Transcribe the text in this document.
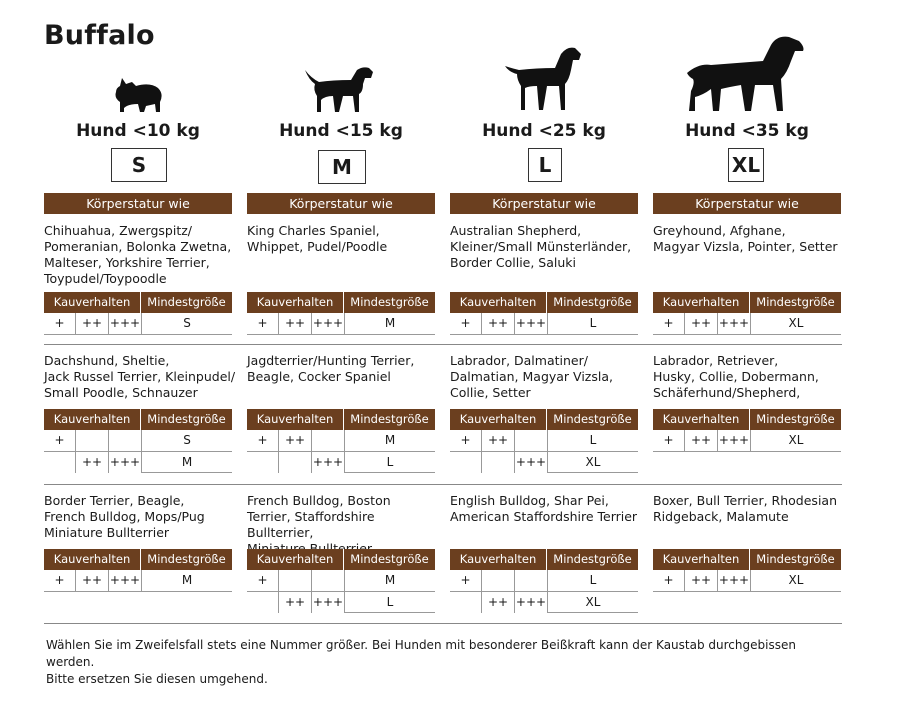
Buffalo
Hund <10 kg
S
Körperstatur wie
Chihuahua, Zwergspitz/
Pomeranian, Bolonka Zwetna,
Malteser, Yorkshire Terrier,
Toypudel/Toypoodle
Kauverhalten	Mindestgröße
+	++ +++	S
Dachshund, Sheltie,
Jack Russel Terrier, Kleinpudel/
Small Poodle, Schnauzer
Kauverhalten	Mindestgröße
+	S
++ +++	M
Border Terrier, Beagle,
French Bulldog, Mops/Pug
Miniature Bullterrier
Kauverhalten	Mindestgröße
+	++ +++	M
Hund <15 kg
M
Körperstatur wie
King Charles Spaniel,
Whippet, Pudel/Poodle
Kauverhalten	Mindestgröße
+	++ +++	M
Jagdterrier/Hunting Terrier,
Beagle, Cocker Spaniel
Kauverhalten	Mindestgröße
+	++	M
+++	L
French Bulldog, Boston
Terrier, Staffordshire Bullterrier,

Kauverhalten	Mindestgröße
+	M
++ +++	L
Hund <25 kg
L
Körperstatur wie
Australian Shepherd,
Kleiner/Small Münsterländer,
Border Collie, Saluki
Kauverhalten	Mindestgröße
+	++ +++	L
Labrador, Dalmatiner/
Dalmatian, Magyar Vizsla,
Collie, Setter
Kauverhalten	Mindestgröße
+	++	L
+++	XL
English Bulldog, Shar Pei,
American Staffordshire Terrier
Kauverhalten	Mindestgröße
+	L
++ +++	XL
Hund <35 kg
XL
Körperstatur wie
Greyhound, Afghane,
Magyar Vizsla, Pointer, Setter
Kauverhalten	Mindestgröße
+	++ +++	XL
Labrador, Retriever,
Husky, Collie, Dobermann,
Schäferhund/Shepherd,
Kauverhalten	Mindestgröße
+	++ +++	XL
Boxer, Bull Terrier, Rhodesian
Ridgeback, Malamute
Kauverhalten	Mindestgröße
+	++ +++	XL
Wählen Sie im Zweifelsfall stets eine Nummer größer. Bei Hunden mit besonderer Beißkraft kann der Kaustab durchgebissen werden.
Bitte ersetzen Sie diesen umgehend.
